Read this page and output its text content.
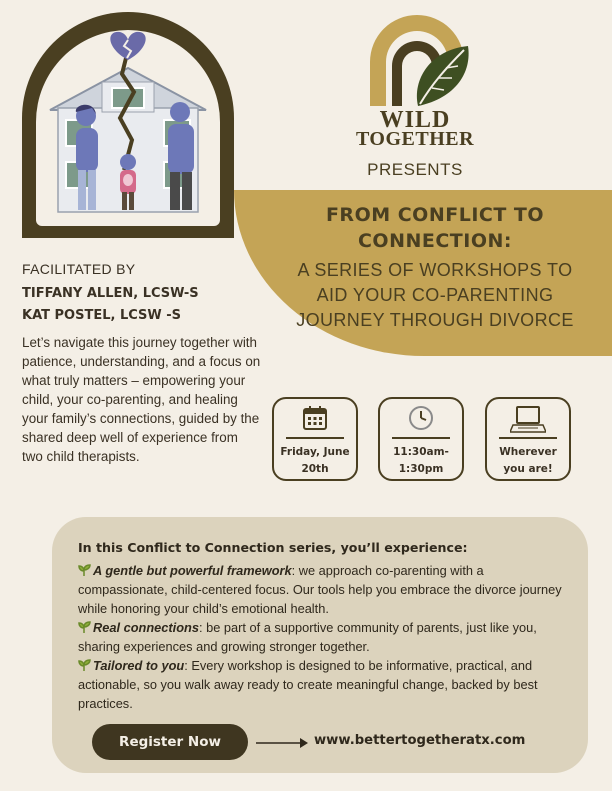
WILD
TOGETHER
PRESENTS
FROM CONFLICT TO
CONNECTION:
A SERIES OF WORKSHOPS TO
AID YOUR CO-PARENTING
JOURNEY THROUGH DIVORCE
FACILITATED BY
TIFFANY ALLEN, LCSW-S
KAT POSTEL, LCSW -S
Let’s navigate this journey together with patience, understanding, and a focus on what truly matters – empowering your child, your co-parenting, and healing your family’s connections, guided by the shared deep well of experience from two child therapists.	Friday, June
20th
11:30am-
1:30pm
Wherever
you are!
In this Conflict to Connection series, you’ll experience:
A gentle but powerful framework: we approach co-parenting with a compassionate, child-centered focus. Our tools help you embrace the divorce journey while honoring your child’s emotional health.
Real connections: be part of a supportive community of parents, just like you, sharing experiences and growing stronger together.
Tailored to you: Every workshop is designed to be informative, practical, and actionable, so you walk away ready to create meaningful change, backed by best practices.
Register Now	www.bettertogetheratx.com
